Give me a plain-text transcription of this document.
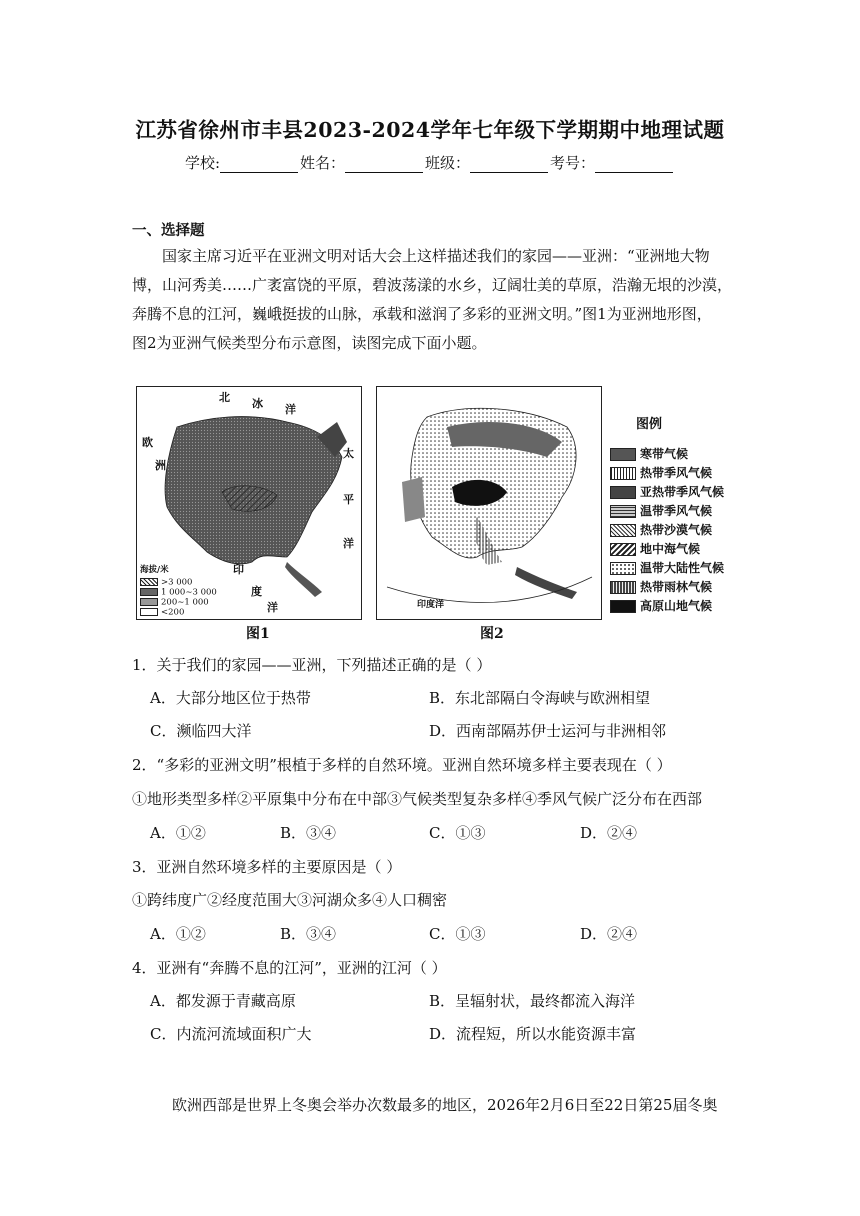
江苏省徐州市丰县2023-2024学年七年级下学期期中地理试题
学校:	姓名：	班级：	考号：
一、选择题
国家主席习近平在亚洲文明对话大会上这样描述我们的家园——亚洲：“亚洲地大物
博，山河秀美……广袤富饶的平原，碧波荡漾的水乡，辽阔壮美的草原，浩瀚无垠的沙漠，
奔腾不息的江河，巍峨挺拔的山脉，承载和滋润了多彩的亚洲文明。”图1为亚洲地形图，
图2为亚洲气候类型分布示意图，读图完成下面小题。
北 冰 洋
欧
洲
太
平
洋
印
度
洋
海拔/米
>3 000
1 000~3 000
200~1 000
<200
图1
印度洋
图2
图例
寒带气候
热带季风气候
亚热带季风气候
温带季风气候
热带沙漠气候
地中海气候
温带大陆性气候
热带雨林气候
高原山地气候
1．关于我们的家园——亚洲，下列描述正确的是（ ）
A．大部分地区位于热带	B．东北部隔白令海峡与欧洲相望
C．濒临四大洋	D．西南部隔苏伊士运河与非洲相邻
2．“多彩的亚洲文明”根植于多样的自然环境。亚洲自然环境多样主要表现在（ ）
①地形类型多样②平原集中分布在中部③气候类型复杂多样④季风气候广泛分布在西部
A．①②	B．③④	C．①③	D．②④
3．亚洲自然环境多样的主要原因是（ ）
①跨纬度广②经度范围大③河湖众多④人口稠密
A．①②	B．③④	C．①③	D．②④
4．亚洲有“奔腾不息的江河”，亚洲的江河（ ）
A．都发源于青藏高原	B．呈辐射状，最终都流入海洋
C．内流河流域面积广大	D．流程短，所以水能资源丰富
欧洲西部是世界上冬奥会举办次数最多的地区，2026年2月6日至22日第25届冬奥
